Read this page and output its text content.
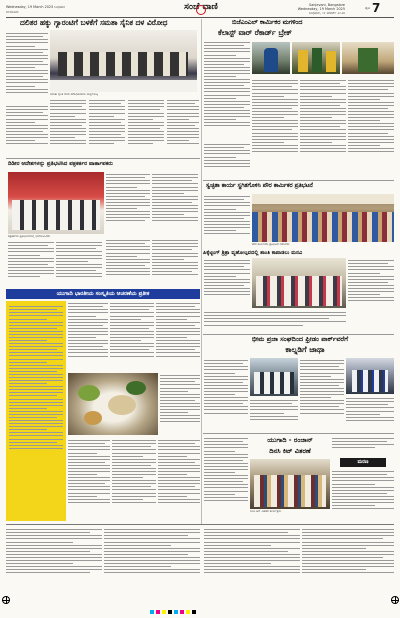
Wednesday, 19 March 2025 ಬುಧವಾರ
ಬೆಂಗಳೂರು	ಸಂಜೆ ವಾಣಿ	Sanjevani, Bangalore
Wednesday, 19 March 2025
ಬುಧವಾರ, ೧೯ ಮಾರ್ಚ್ ೨೦೨೫
ಪುಟ 7
ದಲಿತರ ಹಕ್ಕು ಗ್ಯಾರಂಟಿಗೆ ಬಳಕೆಗೆ ಸಮತಾ ಸೈನಿಕ ದಳ ವಿರೋಧ
ಸಮತಾ ಸೈನಿಕ ದಳದ ಪದಾಧಿಕಾರಿಗಳು ಸುದ್ದಿಗೋಷ್ಠಿ
ಬಿಜೆಎಂಎಲ್ ಕಾರ್ಮಿಕರ ಮಗಳಿಂದ
ಕೆಲಾಸ್ಟ್ ವಾರ್ ರೆಕಾರ್ಡ್ ಬ್ರೇಕ್
ದಿಡೀರ ಆದೇಶಗಳನ್ನು ಪ್ರತಿಭಟಿಸಿದ ಪತ್ರಕರ್ತರ ವಾರ್ತಾಪಕರು
ಪತ್ರಕರ್ತರು ಪ್ರತಿಭಟನೆಯಲ್ಲಿ ಭಾಗವಹಿಸಿದರು
ಸ್ವಚ್ಛತಾ ಕಾರ್ಯ ಸ್ಥಗಿತಗೊಳಿಸಿ ಪೌರ ಕಾರ್ಮಿಕರ ಪ್ರತಿಭಟನೆ
ಪೌರ ಕಾರ್ಮಿಕರು ಪ್ರತಿಭಟನೆ ನಡೆಸಿದರು
ಪಿಕ್ಕೆಟ್ಟಿಂಗ್ ಶ್ರಿತ್ರಾ ವ್ಯಹೋಲ್ಪವದಲ್ಲಿ ಶಾಂತಿ ಕಾಪಾಡಲು ಮನವಿ
ಯುಗಾದಿ ಭಾರತೀಯ ಸಂಸ್ಕೃತಿಯ ಆಚರಣೆಯ ಪ್ರತೀಕ
ಭೀಮ ಪ್ರಜಾ ಸಂಘದಿಂದ ಫ್ರೀಡಂ ಪಾರ್ಕ್‌ವರೆಗೆ
ಕಾಲ್ನಡಿಗೆ ಜಾಥಾ
ಯುಗಾದಿ - ರಂಜಾನ್
ದಿನಸಿ ಕಿಟ್ ವಿತರಣೆ
ದಿನಸಿ ಕಿಟ್ ವಿತರಣೆ ಕಾರ್ಯಕ್ರಮ
ಮರಣ
